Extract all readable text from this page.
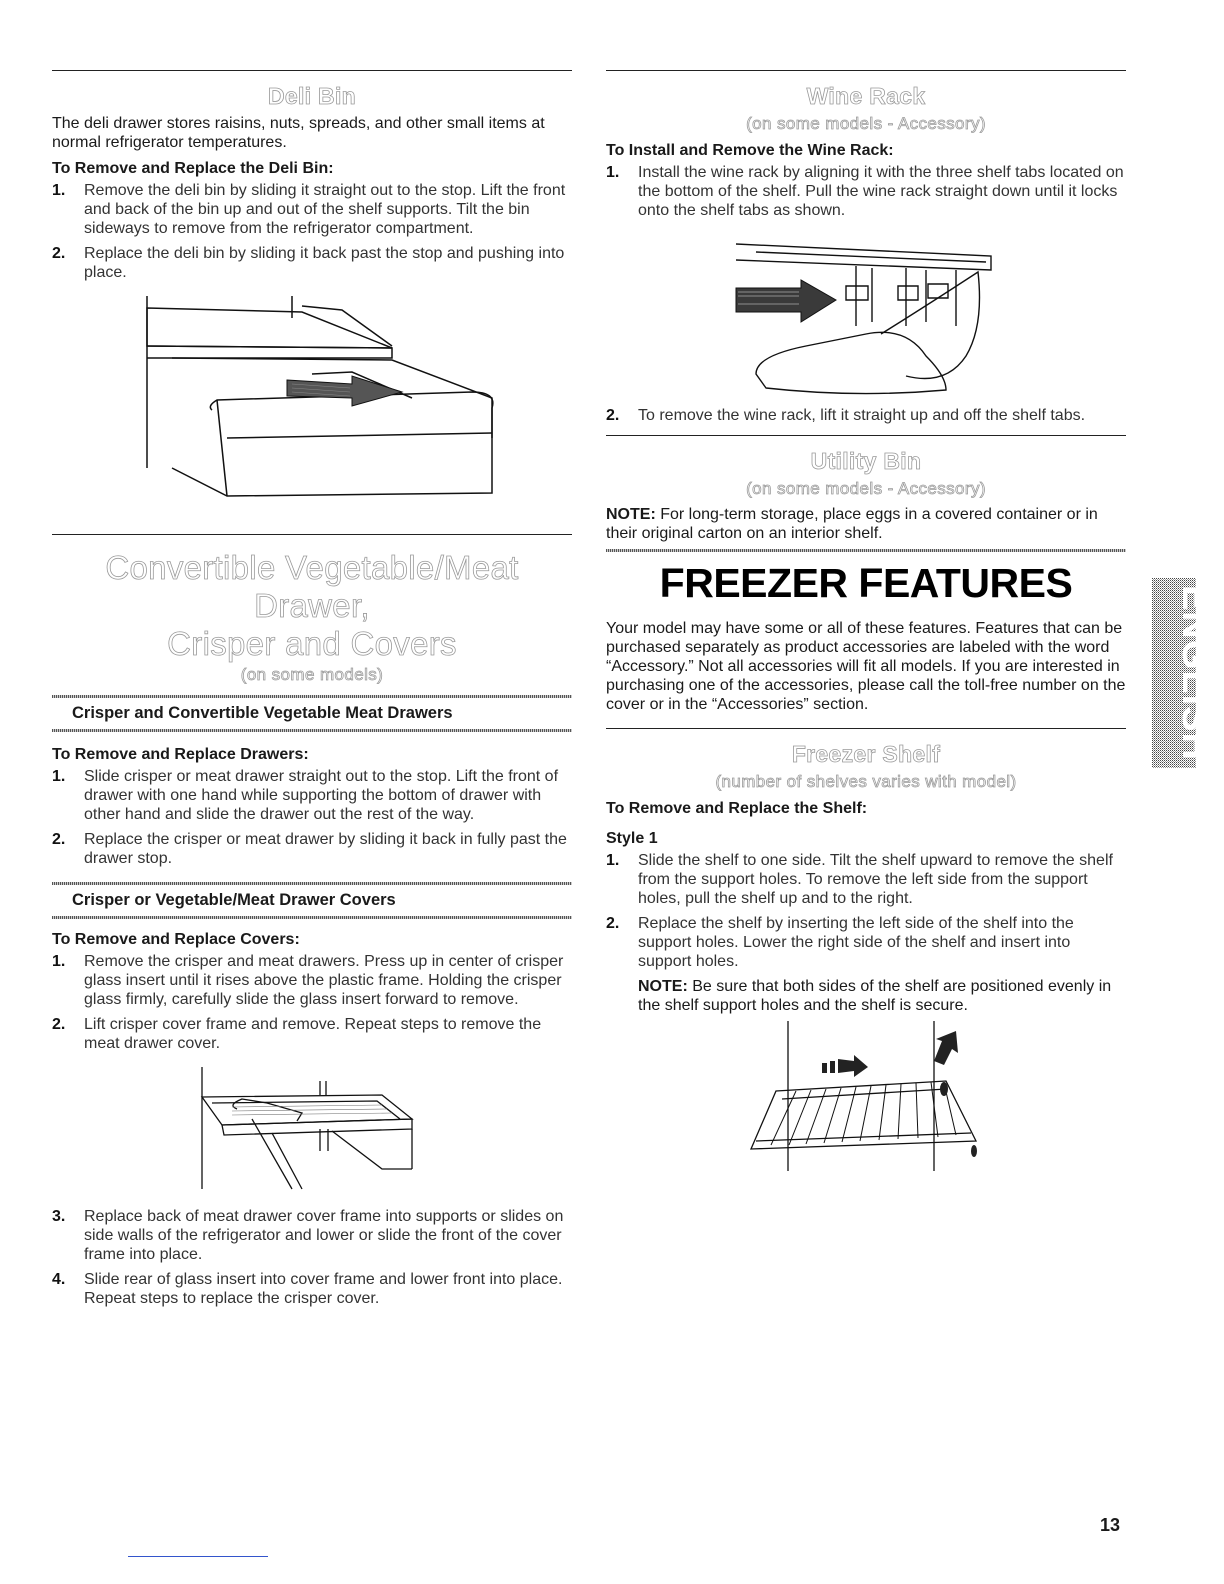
Deli Bin

The deli drawer stores raisins, nuts, spreads, and other small items at normal refrigerator temperatures.

To Remove and Replace the Deli Bin:
1. Remove the deli bin by sliding it straight out to the stop. Lift the front and back of the bin up and out of the shelf supports. Tilt the bin sideways to remove from the refrigerator compartment.
2. Replace the deli bin by sliding it back past the stop and pushing into place.
Convertible Vegetable/Meat Drawer,
Crisper and Covers
(on some models)
Crisper and Convertible Vegetable Meat Drawers
To Remove and Replace Drawers:
1. Slide crisper or meat drawer straight out to the stop. Lift the front of drawer with one hand while supporting the bottom of drawer with other hand and slide the drawer out the rest of the way.
2. Replace the crisper or meat drawer by sliding it back in fully past the drawer stop.
Crisper or Vegetable/Meat Drawer Covers
To Remove and Replace Covers:
1. Remove the crisper and meat drawers. Press up in center of crisper glass insert until it rises above the plastic frame. Holding the crisper glass firmly, carefully slide the glass insert forward to remove.
2. Lift crisper cover frame and remove. Repeat steps to remove the meat drawer cover.
3. Replace back of meat drawer cover frame into supports or slides on side walls of the refrigerator and lower or slide the front of the cover frame into place.
4. Slide rear of glass insert into cover frame and lower front into place. Repeat steps to replace the crisper cover.
Wine Rack
(on some models - Accessory)
To Install and Remove the Wine Rack:
1. Install the wine rack by aligning it with the three shelf tabs located on the bottom of the shelf. Pull the wine rack straight down until it locks onto the shelf tabs as shown.
2. To remove the wine rack, lift it straight up and off the shelf tabs.
Utility Bin
(on some models - Accessory)

NOTE: For long-term storage, place eggs in a covered container or in their original carton on an interior shelf.

FREEZER FEATURES

Your model may have some or all of these features. Features that can be purchased separately as product accessories are labeled with the word “Accessory.” Not all accessories will fit all models. If you are interested in purchasing one of the accessories, please call the toll-free number on the cover or in the “Accessories” section.

Freezer Shelf
(number of shelves varies with model)
To Remove and Replace the Shelf:
Style 1
1. Slide the shelf to one side. Tilt the shelf upward to remove the shelf from the support holes. To remove the left side from the support holes, pull the shelf up and to the right.
2. Replace the shelf by inserting the left side of the shelf into the support holes. Lower the right side of the shelf and insert into support holes.

NOTE: Be sure that both sides of the shelf are positioned evenly in the shelf support holes and the shelf is secure.

ENGLISH
13
